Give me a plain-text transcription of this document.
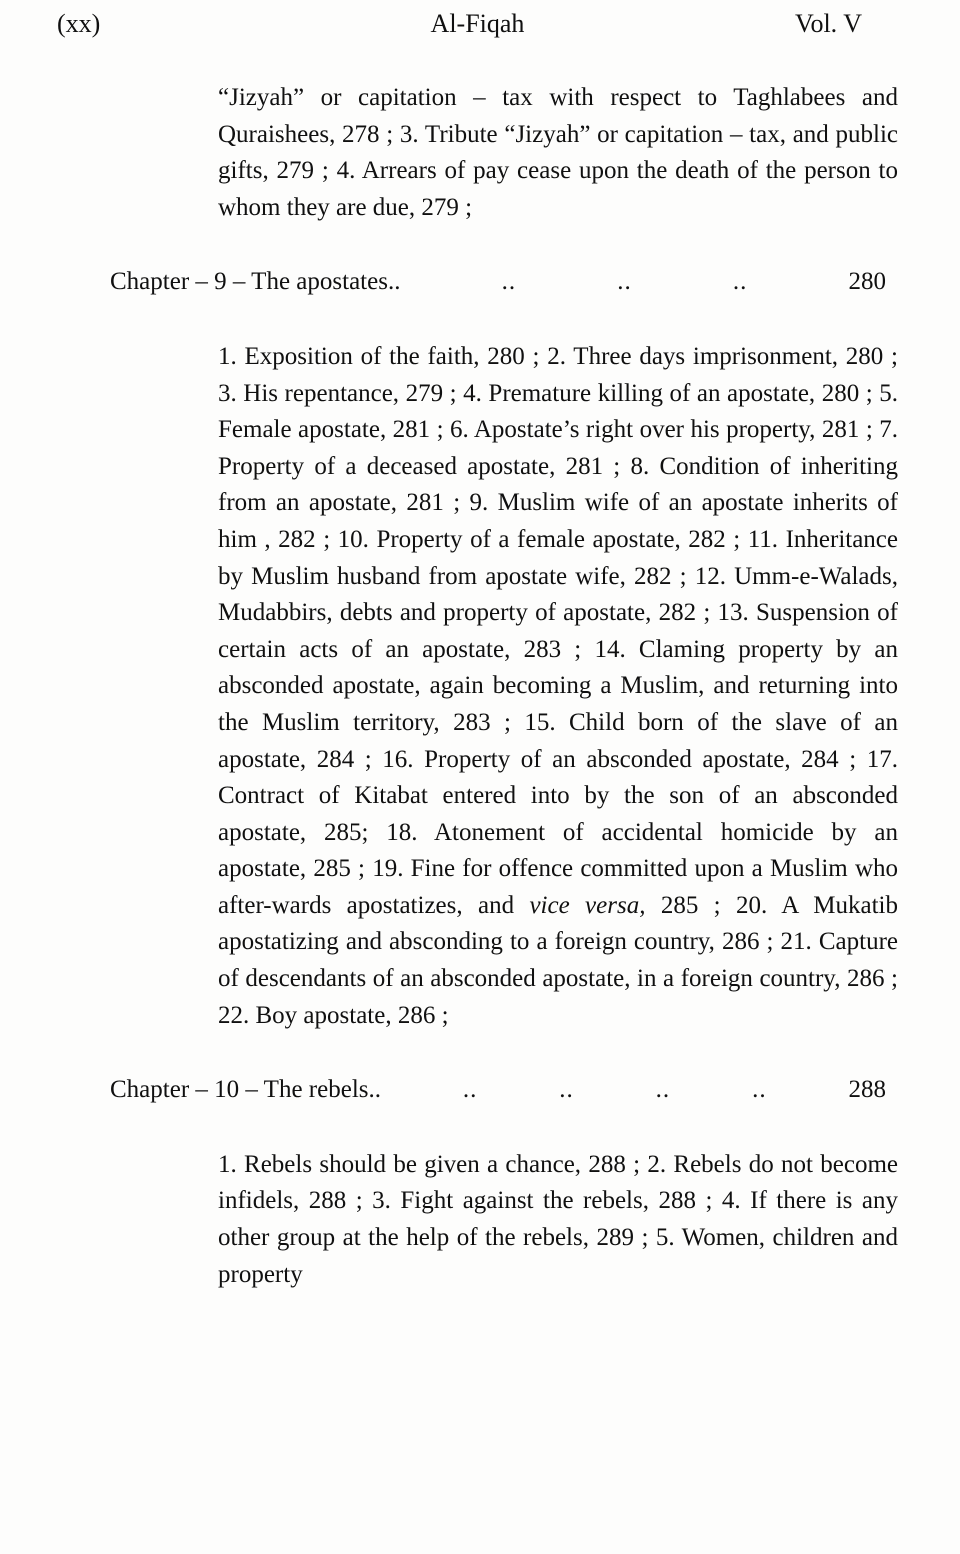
(xx)	Al-Fiqah	Vol. V

“Jizyah” or capitation – tax with respect to Taghlabees and Quraishees, 278 ; 3. Tribute “Jizyah” or capitation – tax, and public gifts, 279 ; 4. Arrears of pay cease upon the death of the person to whom they are due, 279 ;

Chapter – 9 – The apostates..	..	..	..	280

1. Exposition of the faith, 280 ; 2. Three days imprisonment, 280 ; 3. His repentance, 279 ; 4. Premature killing of an apostate, 280 ; 5. Female apostate, 281 ; 6. Apostate’s right over his property, 281 ; 7. Property of a deceased apostate, 281 ; 8. Condition of inheriting from an apostate, 281 ; 9. Muslim wife of an apostate inherits of him , 282 ; 10. Property of a female apostate, 282 ; 11. Inheritance by Muslim husband from apostate wife, 282 ; 12. Umm-e-Walads, Mudabbirs, debts and property of apostate, 282 ; 13. Suspension of certain acts of an apostate, 283 ; 14. Claming property by an absconded apostate, again becoming a Muslim, and returning into the Muslim territory, 283 ; 15. Child born of the slave of an apostate, 284 ; 16. Property of an absconded apostate, 284 ; 17. Contract of Kitabat entered into by the son of an absconded apostate, 285; 18. Atonement of accidental homicide by an apostate, 285 ; 19. Fine for offence committed upon a Muslim who after-wards apostatizes, and vice versa, 285 ; 20. A Mukatib apostatizing and absconding to a foreign country, 286 ; 21. Capture of descendants of an absconded apostate, in a foreign country, 286 ; 22. Boy apostate, 286 ;

Chapter – 10 – The rebels..	..	..	..	..	288

1. Rebels should be given a chance, 288 ; 2. Rebels do not become infidels, 288 ; 3. Fight against the rebels, 288 ; 4. If there is any other group at the help of the rebels, 289 ; 5. Women, children and property
